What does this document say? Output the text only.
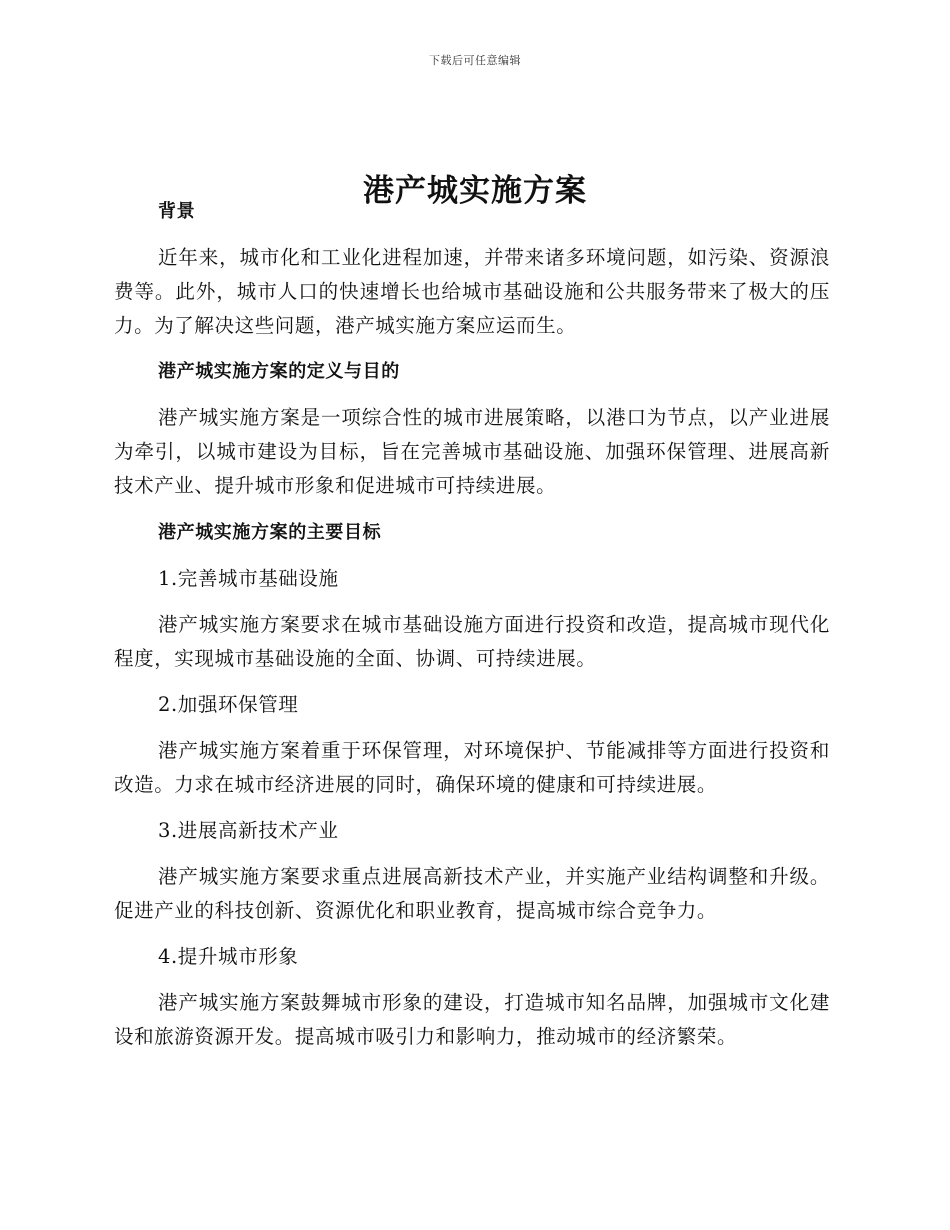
下载后可任意编辑
港产城实施方案

背景

近年来，城市化和工业化进程加速，并带来诸多环境问题，如污染、资源浪费等。此外，城市人口的快速增长也给城市基础设施和公共服务带来了极大的压力。为了解决这些问题，港产城实施方案应运而生。

港产城实施方案的定义与目的

港产城实施方案是一项综合性的城市进展策略，以港口为节点，以产业进展为牵引，以城市建设为目标，旨在完善城市基础设施、加强环保管理、进展高新技术产业、提升城市形象和促进城市可持续进展。

港产城实施方案的主要目标

1.完善城市基础设施

港产城实施方案要求在城市基础设施方面进行投资和改造，提高城市现代化程度，实现城市基础设施的全面、协调、可持续进展。

2.加强环保管理

港产城实施方案着重于环保管理，对环境保护、节能减排等方面进行投资和改造。力求在城市经济进展的同时，确保环境的健康和可持续进展。

3.进展高新技术产业

港产城实施方案要求重点进展高新技术产业，并实施产业结构调整和升级。促进产业的科技创新、资源优化和职业教育，提高城市综合竞争力。

4.提升城市形象

港产城实施方案鼓舞城市形象的建设，打造城市知名品牌，加强城市文化建设和旅游资源开发。提高城市吸引力和影响力，推动城市的经济繁荣。
